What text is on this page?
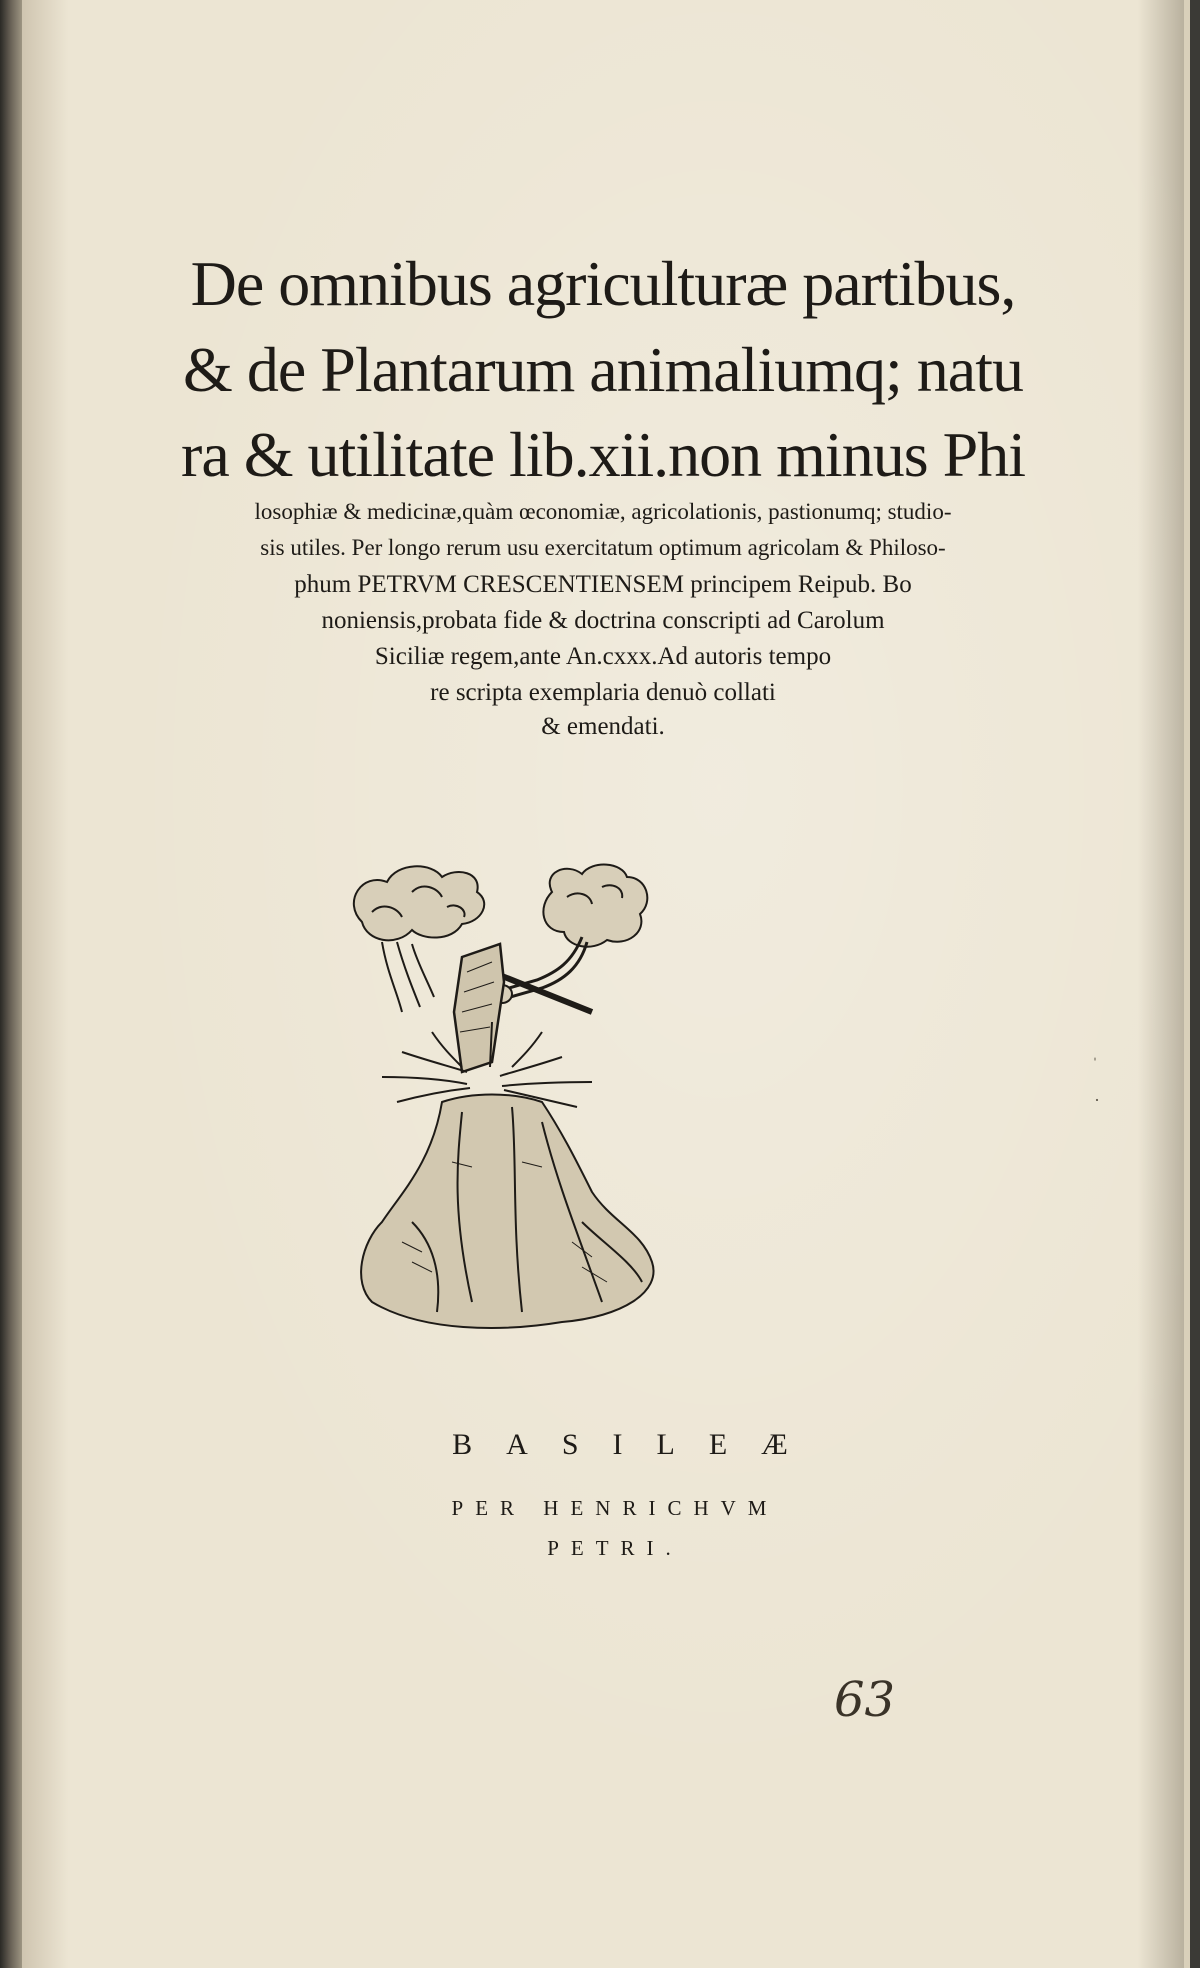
De omnibus agriculturæ partibus,
& de Plantarum animaliumq; natu
ra & utilitate lib.xii.non minus Phi
losophiæ & medicinæ,quàm œconomiæ, agricolationis, pastionumq; studio-
sis utiles. Per longo rerum usu exercitatum optimum agricolam & Philoso-
phum PETRVM CRESCENTIENSEM principem Reipub. Bo
noniensis,probata fide & doctrina conscripti ad Carolum
Siciliæ regem,ante An.cxxx.Ad autoris tempo
re scripta exemplaria denuò collati
& emendati.
BASILEÆ
PER HENRICHVM
PETRI.
63
ˈ
·
